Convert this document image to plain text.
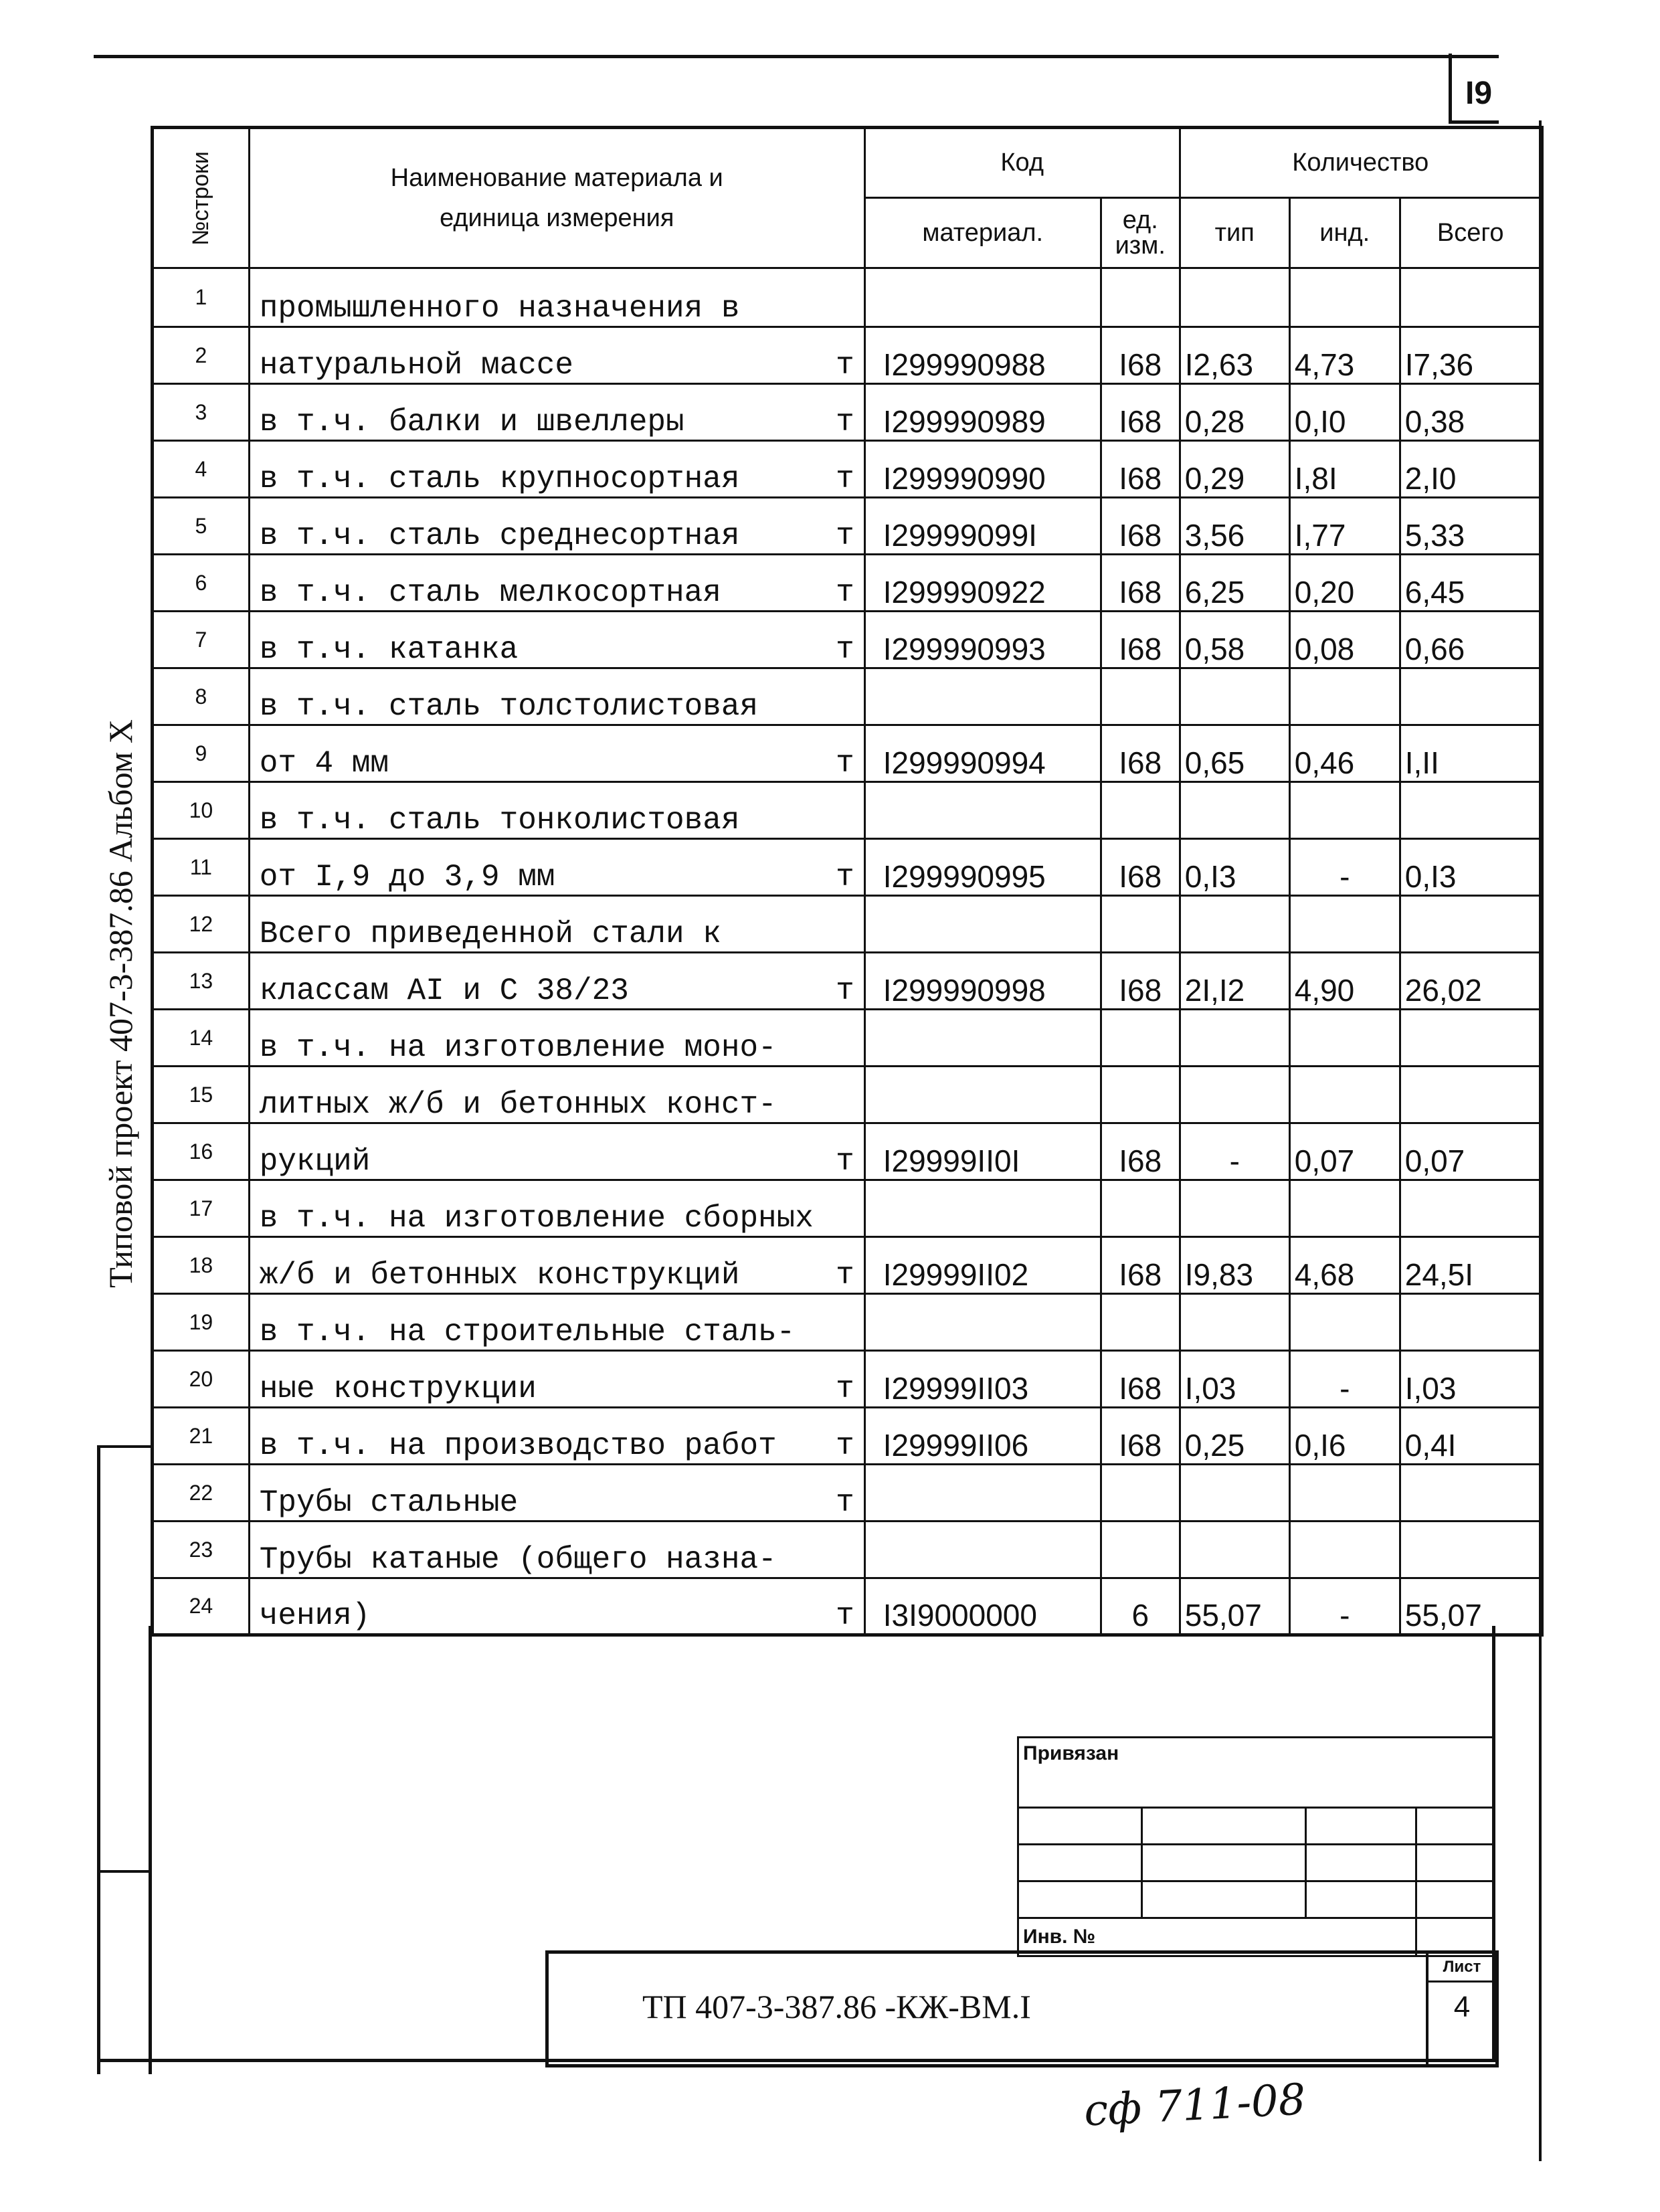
I9
Типовой проект 407-3-387.86 Альбом X
№строки	Наименование материала и единица измерения	Код		Количество		
		материал.	ед. изм.	тип	инд.	Всего
1	промышленного назначения в					

2	натуральной массе т	I299990988	I68	I2,63	4,73	I7,36
3	в т.ч. балки и швеллеры т	I299990989	I68	0,28	0,I0	0,38
4	в т.ч. сталь крупносортная т	I299990990	I68	0,29	I,8I	2,I0
5	в т.ч. сталь среднесортная т	I29999099I	I68	3,56	I,77	5,33
6	в т.ч. сталь мелкосортная т	I299990922	I68	6,25	0,20	6,45
7	в т.ч. катанка т	I299990993	I68	0,58	0,08	0,66
8	в т.ч. сталь толстолистовая					

9	от 4 мм т	I299990994	I68	0,65	0,46	I,II
10	в т.ч. сталь тонколистовая					

11	от I,9 до 3,9 мм т	I299990995	I68	0,I3	-	0,I3
12	Всего приведенной стали к					

13	классам АI и С 38/23 т	I299990998	I68	2I,I2	4,90	26,02
14	в т.ч. на изготовление моно-					

15	литных ж/б и бетонных конст-					

16	рукций т	I29999II0I	I68	-	0,07	0,07
17	в т.ч. на изготовление сборных					

18	ж/б и бетонных конструкций т	I29999II02	I68	I9,83	4,68	24,5I
19	в т.ч. на строительные сталь-					

20	ные конструкции т	I29999II03	I68	I,03	-	I,03
21	в т.ч. на производство работ т	I29999II06	I68	0,25	0,I6	0,4I
22	Трубы стальные т					

23	Трубы катаные (общего назна-					

24	чения) т	I3I9000000	6	55,07	-	55,07
Привязан			

Инв. №			
ТП 407-3-387.86 -КЖ-ВМ.I
Лист
4
сф 711-08
